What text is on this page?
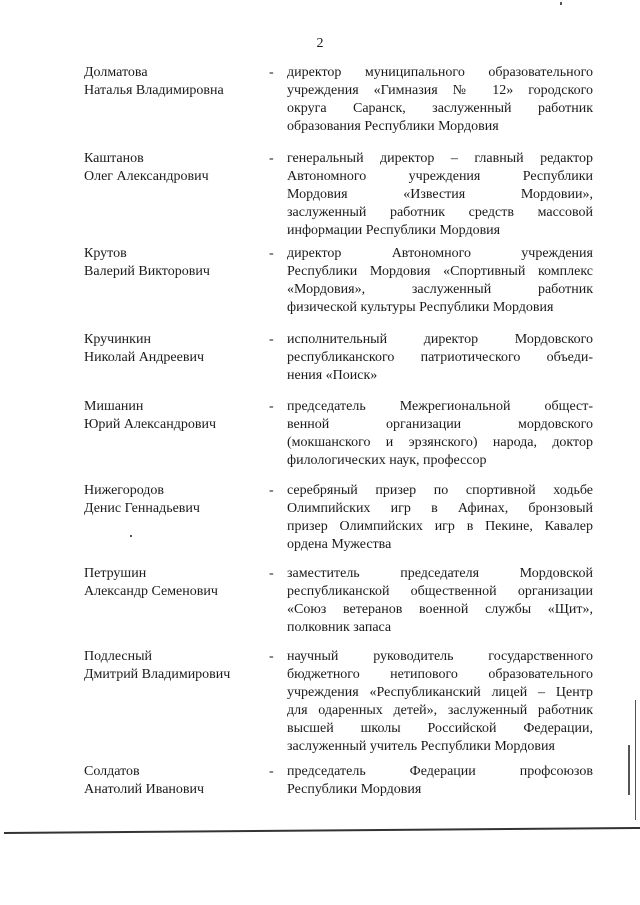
2
Долматова
Наталья Владимировна
- директор муниципального образовательного
учреждения «Гимназия № 12» городского
округа Саранск, заслуженный работник
образования Республики Мордовия
Каштанов
Олег Александрович
- генеральный директор – главный редактор
Автономного учреждения Республики
Мордовия «Известия Мордовии»,
заслуженный работник средств массовой
информации Республики Мордовия
Крутов
Валерий Викторович
- директор Автономного учреждения
Республики Мордовия «Спортивный комплекс
«Мордовия», заслуженный работник
физической культуры Республики Мордовия
Кручинкин
Николай Андреевич
- исполнительный директор Мордовского
республиканского патриотического объеди-
нения «Поиск»
Мишанин
Юрий Александрович
- председатель Межрегиональной общест-
венной организации мордовского
(мокшанского и эрзянского) народа, доктор
филологических наук, профессор
Нижегородов
Денис Геннадьевич
- серебряный призер по спортивной ходьбе
Олимпийских игр в Афинах, бронзовый
призер Олимпийских игр в Пекине, Кавалер
ордена Мужества
Петрушин
Александр Семенович
- заместитель председателя Мордовской
республиканской общественной организации
«Союз ветеранов военной службы «Щит»,
полковник запаса
Подлесный
Дмитрий Владимирович
- научный руководитель государственного
бюджетного нетипового образовательного
учреждения «Республиканский лицей – Центр
для одаренных детей», заслуженный работник
высшей школы Российской Федерации,
заслуженный учитель Республики Мордовия
Солдатов
Анатолий Иванович
- председатель Федерации профсоюзов
Республики Мордовия
